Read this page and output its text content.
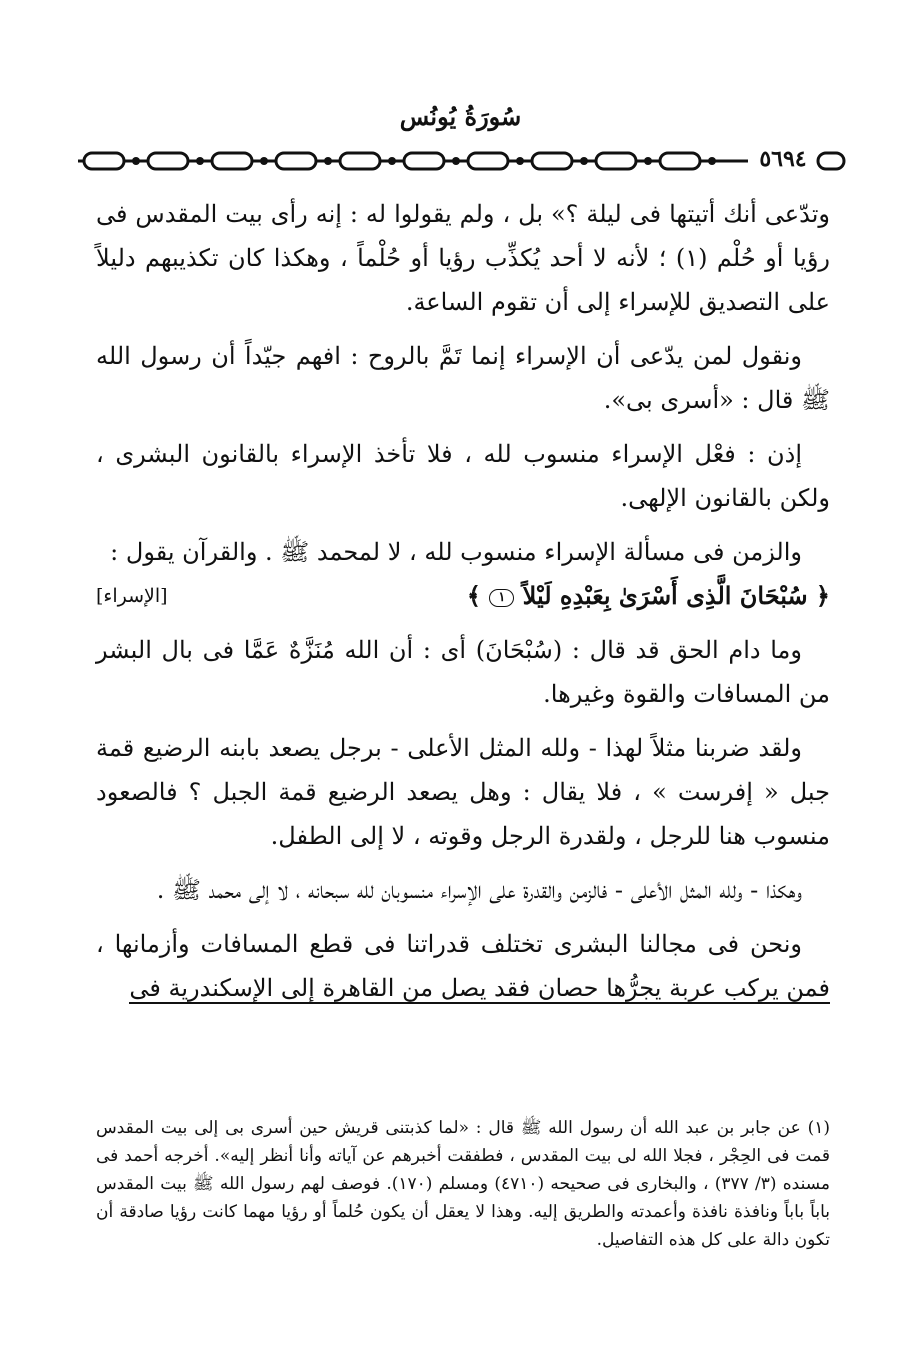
سُورَةُ يُونُس
٥٦٩٤

وتدّعى أنك أتيتها فى ليلة ؟» بل ، ولم يقولوا له : إنه رأى بيت المقدس فى رؤيا أو حُلْم (١) ؛ لأنه لا أحد يُكذِّب رؤيا أو حُلْماً ، وهكذا كان تكذيبهم دليلاً على التصديق للإسراء إلى أن تقوم الساعة.

ونقول لمن يدّعى أن الإسراء إنما تَمَّ بالروح : افهم جيّداً أن رسول الله ﷺ قال : «أسرى بى».

إذن : فعْل الإسراء منسوب لله ، فلا تأخذ الإسراء بالقانون البشرى ، ولكن بالقانون الإلهى.

والزمن فى مسألة الإسراء منسوب لله ، لا لمحمد ﷺ . والقرآن يقول :

﴿ سُبْحَانَ الَّذِى أَسْرَىٰ بِعَبْدِهِ لَيْلاً ١ ﴾
[الإسراء]

وما دام الحق قد قال : (سُبْحَانَ) أى : أن الله مُنَزَّهٌ عَمَّا فى بال البشر من المسافات والقوة وغيرها.

ولقد ضربنا مثلاً لهذا - ولله المثل الأعلى - برجل يصعد بابنه الرضيع قمة جبل « إفرست » ، فلا يقال : وهل يصعد الرضيع قمة الجبل ؟ فالصعود منسوب هنا للرجل ، ولقدرة الرجل وقوته ، لا إلى الطفل.

وهكذا - ولله المثل الأعلى - فالزمن والقدرة على الإسراء منسوبان لله سبحانه ، لا إلى محمد ﷺ .

ونحن فى مجالنا البشرى تختلف قدراتنا فى قطع المسافات وأزمانها ، فمن يركب عربة يجرُّها حصان فقد يصل من القاهرة إلى الإسكندرية فى

(١) عن جابر بن عبد الله أن رسول الله ﷺ قال : «لما كذبتنى قريش حين أسرى بى إلى بيت المقدس قمت فى الحِجْر ، فجلا الله لى بيت المقدس ، فطفقت أخبرهم عن آياته وأنا أنظر إليه». أخرجه أحمد فى مسنده (٣/ ٣٧٧) ، والبخارى فى صحيحه (٤٧١٠) ومسلم (١٧٠). فوصف لهم رسول الله ﷺ بيت المقدس باباً باباً ونافذة نافذة وأعمدته والطريق إليه. وهذا لا يعقل أن يكون حُلماً أو رؤيا مهما كانت رؤيا صادقة أن تكون دالة على كل هذه التفاصيل.
